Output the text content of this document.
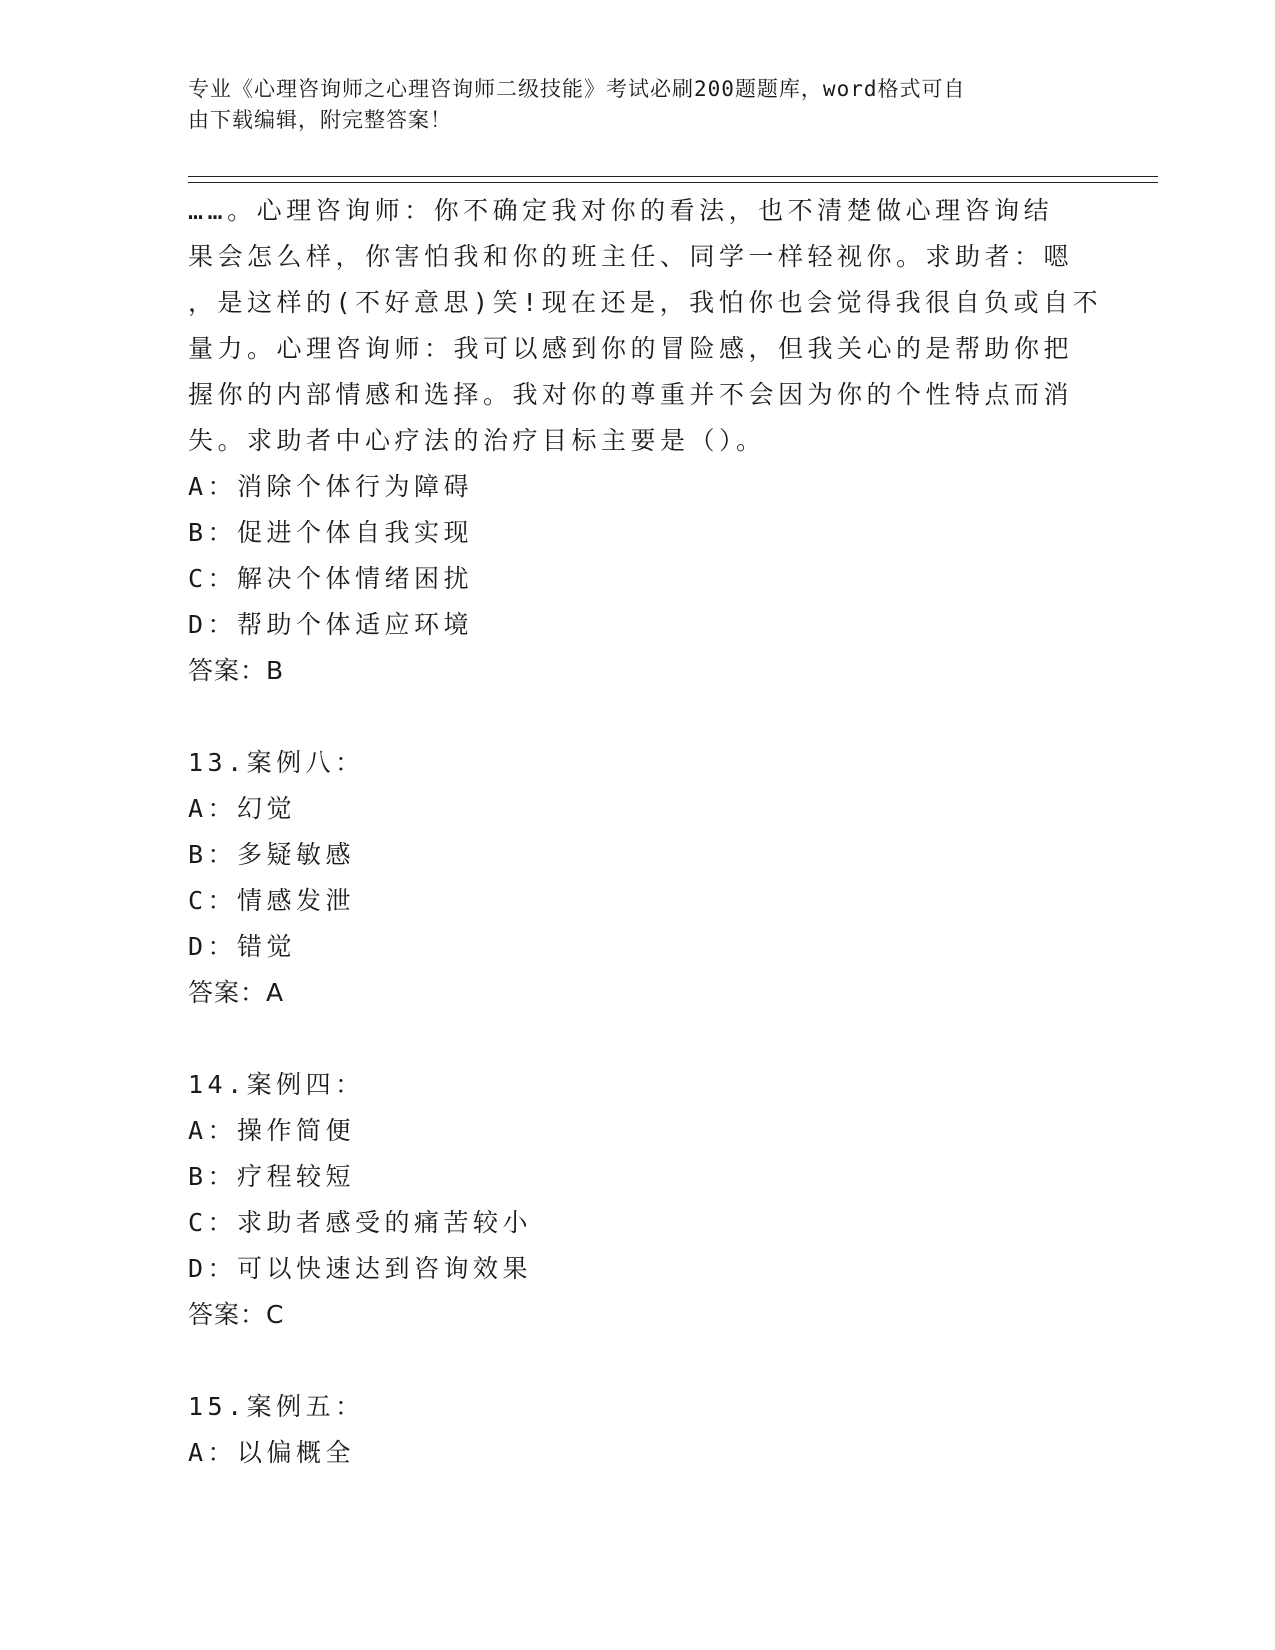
专业《心理咨询师之心理咨询师二级技能》考试必刷200题题库，word格式可自
由下载编辑，附完整答案！
……。心理咨询师：你不确定我对你的看法，也不清楚做心理咨询结
果会怎么样，你害怕我和你的班主任、同学一样轻视你。求助者：嗯
，是这样的(不好意思)笑!现在还是，我怕你也会觉得我很自负或自不
量力。心理咨询师：我可以感到你的冒险感，但我关心的是帮助你把
握你的内部情感和选择。我对你的尊重并不会因为你的个性特点而消
失。求助者中心疗法的治疗目标主要是（）。
A：消除个体行为障碍
B：促进个体自我实现
C：解决个体情绪困扰
D：帮助个体适应环境
答案：B
13.案例八：
A：幻觉
B：多疑敏感
C：情感发泄
D：错觉
答案：A
14.案例四：
A：操作简便
B：疗程较短
C：求助者感受的痛苦较小
D：可以快速达到咨询效果
答案：C
15.案例五：
A：以偏概全
